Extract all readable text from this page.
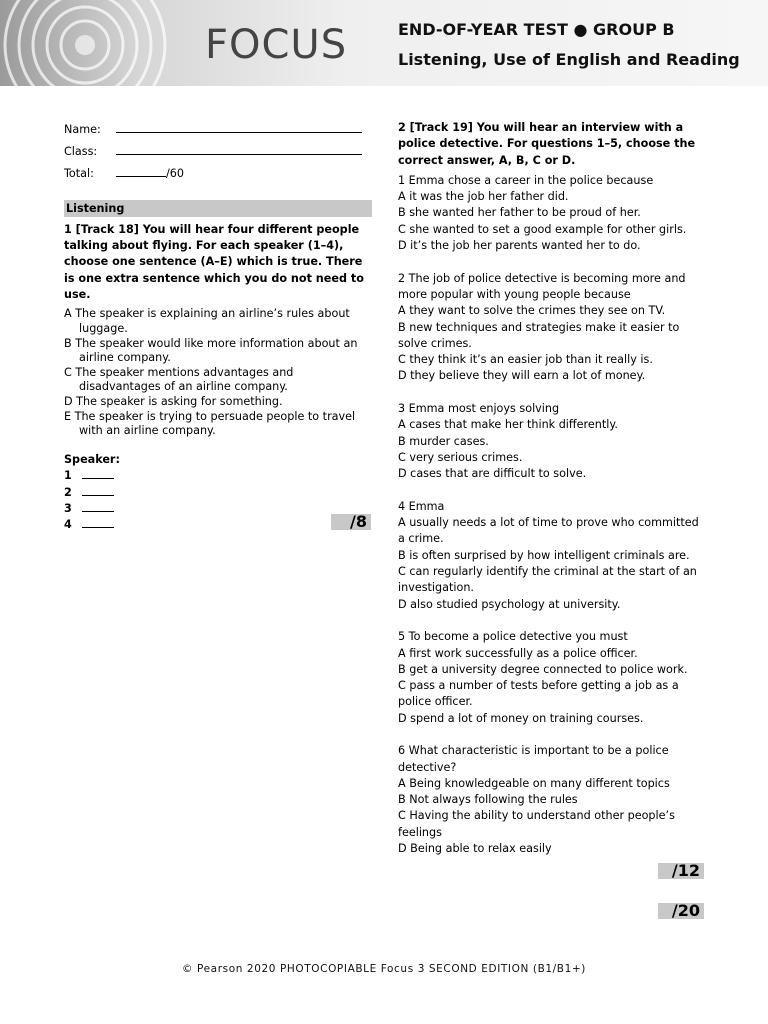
FOCUS	END-OF-YEAR TEST ● GROUP B
Listening, Use of English and Reading
Name:
Class:
Total:	/60
Listening

1 [Track 18] You will hear four different people talking about flying. For each speaker (1–4), choose one sentence (A–E) which is true. There is one extra sentence which you do not need to use.

A The speaker is explaining an airline’s rules about luggage.

B The speaker would like more information about an airline company.

C The speaker mentions advantages and disadvantages of an airline company.

D The speaker is asking for something.

E The speaker is trying to persuade people to travel with an airline company.

Speaker:

1
2
3
4	/8

2 [Track 19] You will hear an interview with a police detective. For questions 1–5, choose the correct answer, A, B, C or D.

1 Emma chose a career in the police because

A it was the job her father did.

B she wanted her father to be proud of her.

C she wanted to set a good example for other girls.

D it’s the job her parents wanted her to do.

2 The job of police detective is becoming more and more popular with young people because

A they want to solve the crimes they see on TV.

B new techniques and strategies make it easier to solve crimes.

C they think it’s an easier job than it really is.

D they believe they will earn a lot of money.

3 Emma most enjoys solving

A cases that make her think differently.

B murder cases.

C very serious crimes.

D cases that are difficult to solve.

4 Emma

A usually needs a lot of time to prove who committed a crime.

B is often surprised by how intelligent criminals are.

C can regularly identify the criminal at the start of an investigation.

D also studied psychology at university.

5 To become a police detective you must

A first work successfully as a police officer.

B get a university degree connected to police work.

C pass a number of tests before getting a job as a police officer.

D spend a lot of money on training courses.

6 What characteristic is important to be a police detective?

A Being knowledgeable on many different topics

B Not always following the rules

C Having the ability to understand other people’s feelings

D Being able to relax easily

/12
/20
© Pearson 2020 PHOTOCOPIABLE Focus 3 SECOND EDITION (B1/B1+)
